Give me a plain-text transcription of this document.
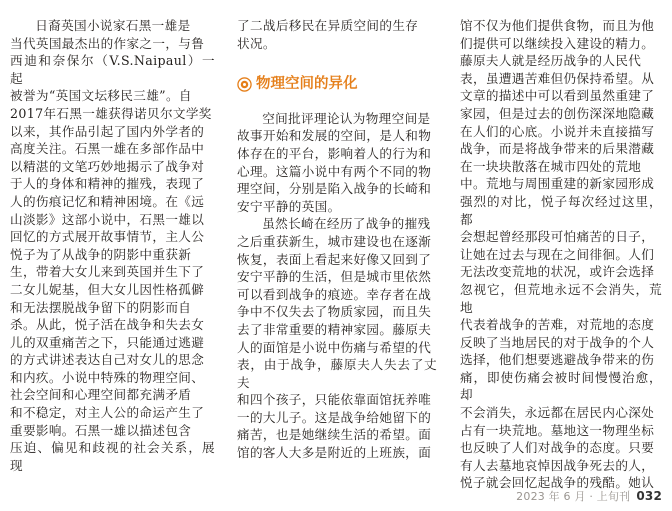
日裔英国小说家石黑一雄是
当代英国最杰出的作家之一，与鲁
西迪和奈保尔（V.S.Naipaul）一起
被誉为“英国文坛移民三雄”。自
2017年石黑一雄获得诺贝尔文学奖
以来，其作品引起了国内外学者的
高度关注。石黑一雄在多部作品中
以精湛的文笔巧妙地揭示了战争对
于人的身体和精神的摧残，表现了
人的伤痕记忆和精神困境。在《远
山淡影》这部小说中，石黑一雄以
回忆的方式展开故事情节，主人公
悦子为了从战争的阴影中重获新
生，带着大女儿来到英国并生下了
二女儿妮基，但大女儿因性格孤僻
和无法摆脱战争留下的阴影而自
杀。从此，悦子活在战争和失去女
儿的双重痛苦之下，只能通过逃避
的方式讲述表达自己对女儿的思念
和内疚。小说中特殊的物理空间、
社会空间和心理空间都充满矛盾
和不稳定，对主人公的命运产生了
重要影响。石黑一雄以描述包含
压迫、偏见和歧视的社会关系，展现

了二战后移民在异质空间的生存
状况。

物理空间的异化

空间批评理论认为物理空间是
故事开始和发展的空间，是人和物
体存在的平台，影响着人的行为和
心理。这篇小说中有两个不同的物
理空间，分别是陷入战争的长崎和
安宁平静的英国。

虽然长崎在经历了战争的摧残
之后重获新生，城市建设也在逐渐
恢复，表面上看起来好像又回到了
安宁平静的生活，但是城市里依然
可以看到战争的痕迹。幸存者在战
争中不仅失去了物质家园，而且失
去了非常重要的精神家园。藤原夫
人的面馆是小说中伤痛与希望的代
表，由于战争，藤原夫人失去了丈夫
和四个孩子，只能依靠面馆抚养唯
一的大儿子。这是战争给她留下的
痛苦，也是她继续生活的希望。面
馆的客人大多是附近的上班族，面

馆不仅为他们提供食物，而且为他
们提供可以继续投入建设的精力。
藤原夫人就是经历战争的人民代
表，虽遭遇苦难但仍保持希望。从
文章的描述中可以看到虽然重建了
家园，但是过去的创伤深深地隐藏
在人们的心底。小说并未直接描写
战争，而是将战争带来的后果潜藏
在一块块散落在城市四处的荒地
中。荒地与周围重建的新家园形成
强烈的对比，悦子每次经过这里，都
会想起曾经那段可怕痛苦的日子，
让她在过去与现在之间徘徊。人们
无法改变荒地的状况，或许会选择
忽视它，但荒地永远不会消失，荒地
代表着战争的苦难，对荒地的态度
反映了当地居民的对于战争的个人
选择，他们想要逃避战争带来的伤
痛，即使伤痛会被时间慢慢治愈，却
不会消失，永远都在居民内心深处
占有一块荒地。墓地这一物理坐标
也反映了人们对战争的态度。只要
有人去墓地哀悼因战争死去的人，
悦子就会回忆起战争的残酷。她认

2023 年 6 月 · 上旬刊 032
